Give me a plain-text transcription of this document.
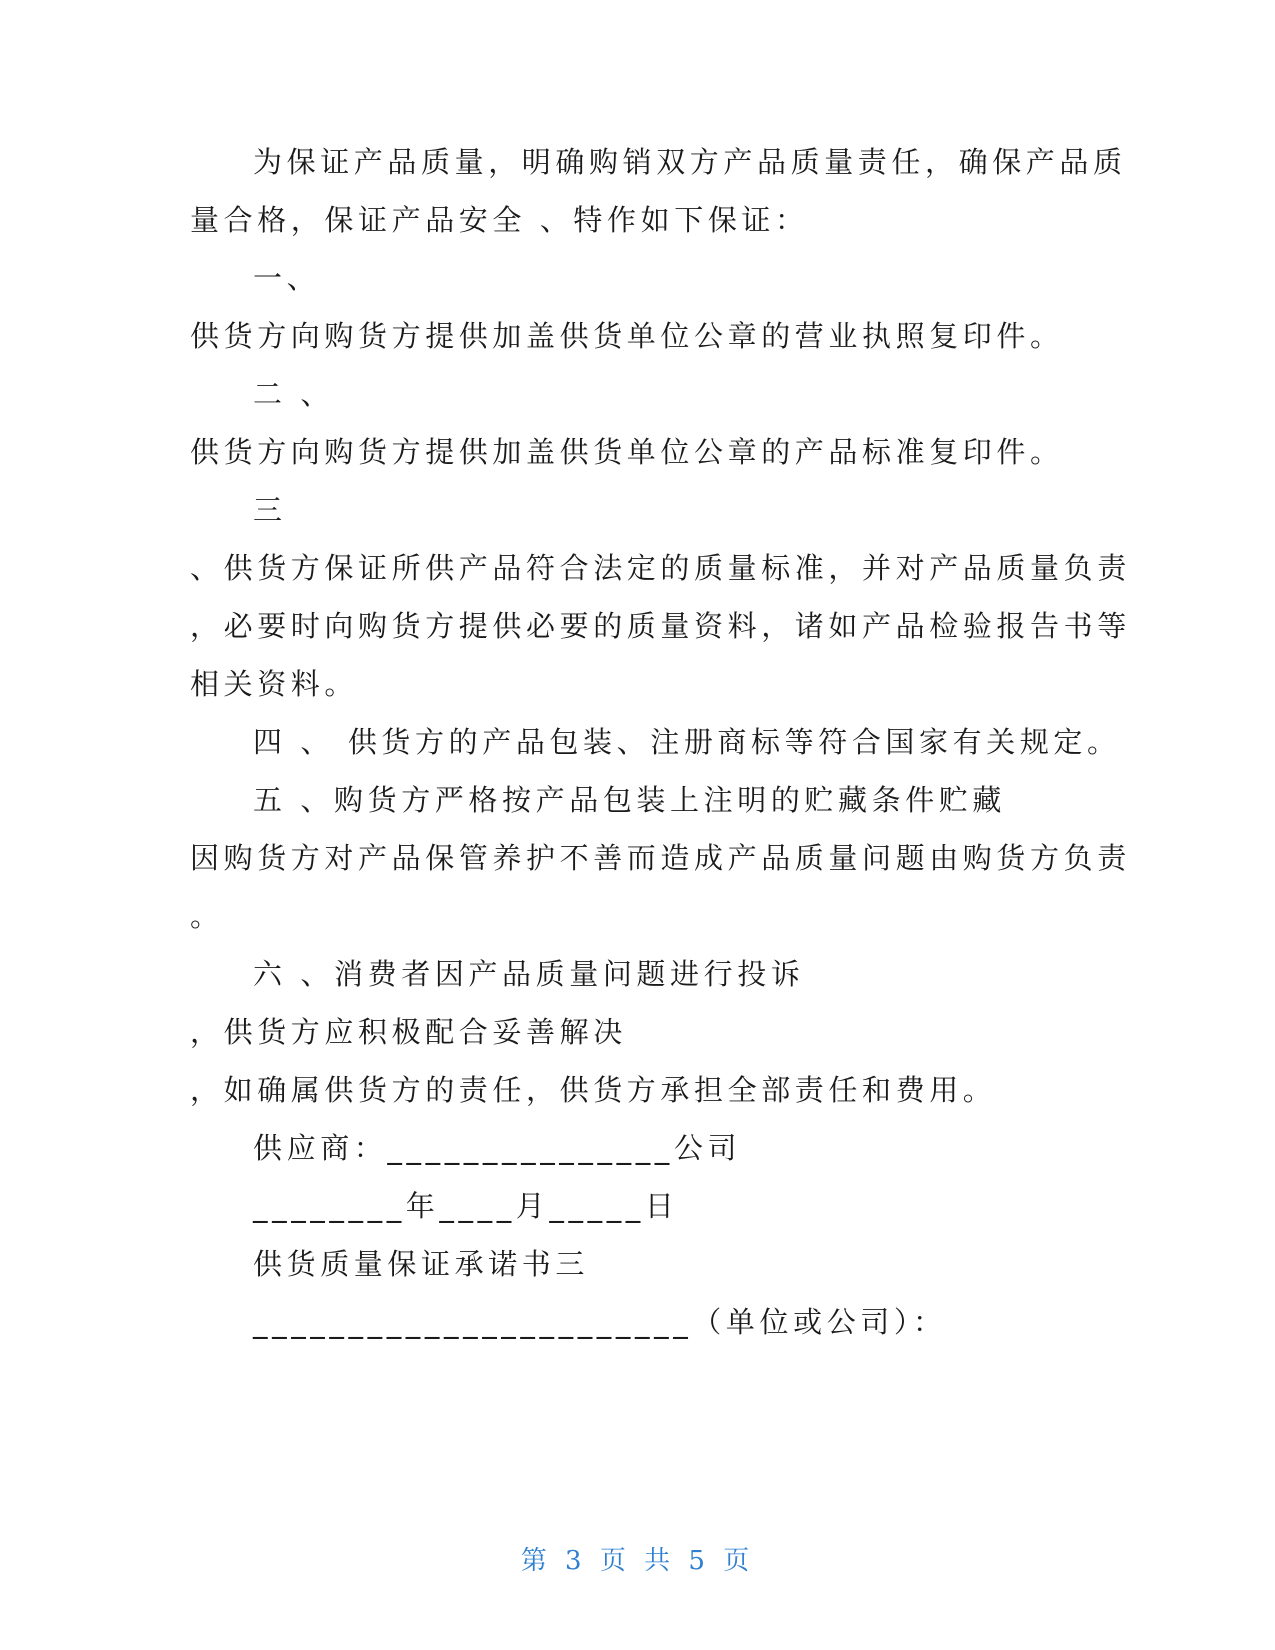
为保证产品质量，明确购销双方产品质量责任，确保产品质

量合格，保证产品安全 、特作如下保证：

一、

供货方向购货方提供加盖供货单位公章的营业执照复印件。

二 、

供货方向购货方提供加盖供货单位公章的产品标准复印件。

三

、供货方保证所供产品符合法定的质量标准，并对产品质量负责

，必要时向购货方提供必要的质量资料，诸如产品检验报告书等

相关资料。

四 、 供货方的产品包装、注册商标等符合国家有关规定。

五 、购货方严格按产品包装上注明的贮藏条件贮藏

因购货方对产品保管养护不善而造成产品质量问题由购货方负责

。

六 、消费者因产品质量问题进行投诉

，供货方应积极配合妥善解决

，如确属供货方的责任，供货方承担全部责任和费用。

供应商：_______________公司

________年____月_____日

供货质量保证承诺书三

_______________________（单位或公司）：

第 3 页 共 5 页
